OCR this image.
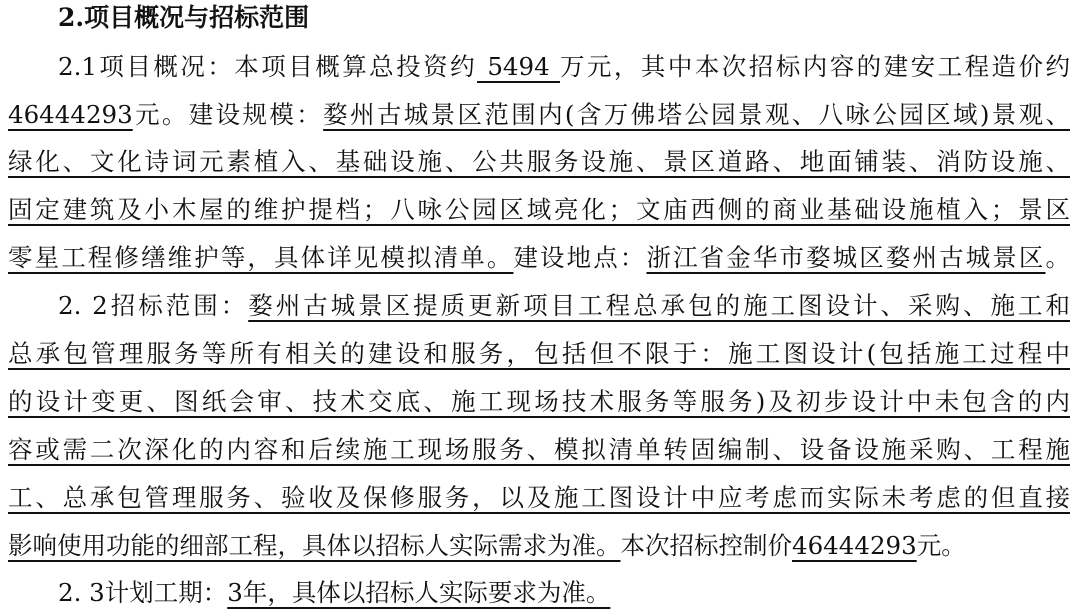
2.项目概况与招标范围
2.1项目概况：本项目概算总投资约 5494 万元，其中本次招标内容的建安工程造价约
46444293元。建设规模：婺州古城景区范围内(含万佛塔公园景观、八咏公园区域)景观、
绿化、文化诗词元素植入、基础设施、公共服务设施、景区道路、地面铺装、消防设施、
固定建筑及小木屋的维护提档；八咏公园区域亮化；文庙西侧的商业基础设施植入；景区
零星工程修缮维护等，具体详见模拟清单。建设地点：浙江省金华市婺城区婺州古城景区。
2. 2招标范围：婺州古城景区提质更新项目工程总承包的施工图设计、采购、施工和
总承包管理服务等所有相关的建设和服务，包括但不限于：施工图设计(包括施工过程中
的设计变更、图纸会审、技术交底、施工现场技术服务等服务)及初步设计中未包含的内
容或需二次深化的内容和后续施工现场服务、模拟清单转固编制、设备设施采购、工程施
工、总承包管理服务、验收及保修服务，以及施工图设计中应考虑而实际未考虑的但直接
影响使用功能的细部工程，具体以招标人实际需求为准。本次招标控制价46444293元。
2. 3计划工期：3年，具体以招标人实际要求为准。
